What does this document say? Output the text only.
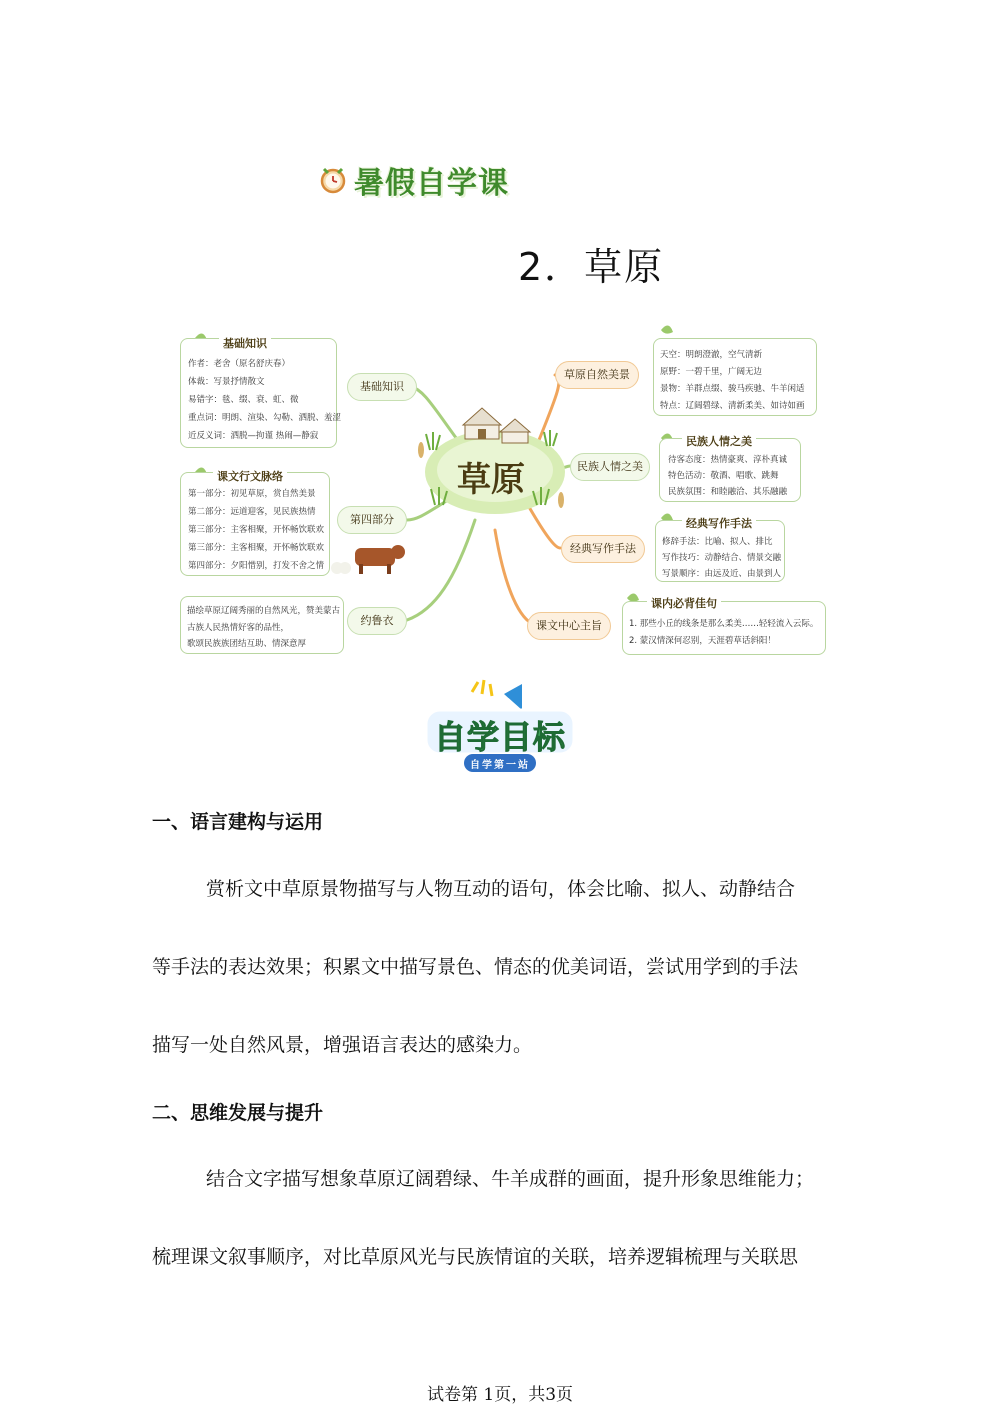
暑假自学课
2．草原
草原
基础知识
作者：老舍（原名舒庆春）
体裁：写景抒情散文
易错字：毯、缀、衰、虹、微
重点词：明朗、渲染、勾勒、洒脱、羞涩
近反义词：洒脱—拘谨 热闹—静寂
基础知识
课文行文脉络
第一部分：初见草原，赏自然美景
第二部分：远道迎客，见民族热情
第三部分：主客相聚，开怀畅饮联欢
第三部分：主客相聚，开怀畅饮联欢
第四部分：夕阳惜别，打发不舍之情
第四部分
描绘草原辽阔秀丽的自然风光，赞美蒙古
古族人民热情好客的品性，
歌颂民族族团结互助、情深意厚
约鲁衣
草原自然美景
天空：明朗澄澈，空气清新
原野：一碧千里，广阔无边
景物：羊群点缀、骏马疾驰、牛羊闲适
特点：辽阔碧绿、清新柔美、如诗如画
民族人情之美
民族人情之美
待客态度：热情豪爽、淳朴真诚
特色活动：敬酒、唱歌、跳舞
民族氛围：和睦融洽、其乐融融
经典写作手法
经典写作手法
修辞手法：比喻、拟人、排比
写作技巧：动静结合、情景交融
写景顺序：由远及近、由景到人
课文中心主旨
课内必背佳句
1. 那些小丘的线条是那么柔美……轻轻流入云际。
2. 蒙汉情深何忍别，天涯碧草话斜阳！
自学目标
自学第一站
一、语言建构与运用
赏析文中草原景物描写与人物互动的语句，体会比喻、拟人、动静结合
等手法的表达效果；积累文中描写景色、情态的优美词语，尝试用学到的手法
描写一处自然风景，增强语言表达的感染力。
二、思维发展与提升
结合文字描写想象草原辽阔碧绿、牛羊成群的画面，提升形象思维能力；
梳理课文叙事顺序，对比草原风光与民族情谊的关联，培养逻辑梳理与关联思
试卷第 1页，共3页
